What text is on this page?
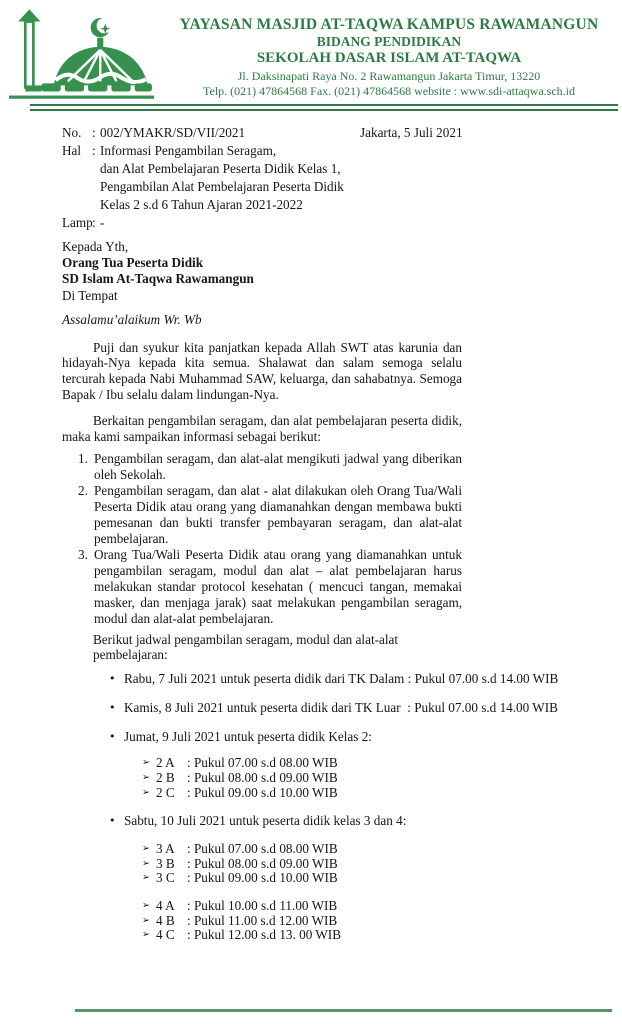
YAYASAN MASJID AT-TAQWA KAMPUS RAWAMANGUN
BIDANG PENDIDIKAN
SEKOLAH DASAR ISLAM AT-TAQWA
Jl. Daksinapati Raya No. 2 Rawamangun Jakarta Timur, 13220
Telp. (021) 47864568 Fax. (021) 47864568 website : www.sdi-attaqwa.sch.id
No. : 002/YMAKR/SD/VII/2021	Jakarta, 5 Juli 2021
Hal : Informasi Pengambilan Seragam,
dan Alat Pembelajaran Peserta Didik Kelas 1,
Pengambilan Alat Pembelajaran Peserta Didik
Kelas 2 s.d 6 Tahun Ajaran 2021-2022
Lamp : -
Kepada Yth,
Orang Tua Peserta Didik
SD Islam At-Taqwa Rawamangun
Di Tempat
Assalamu’alaikum Wr. Wb
Puji dan syukur kita panjatkan kepada Allah SWT atas karunia dan hidayah-Nya kepada kita semua. Shalawat dan salam semoga selalu tercurah kepada Nabi Muhammad SAW, keluarga, dan sahabatnya. Semoga Bapak / Ibu selalu dalam lindungan-Nya.
Berkaitan pengambilan seragam, dan alat pembelajaran peserta didik, maka kami sampaikan informasi sebagai berikut:
1. Pengambilan seragam, dan alat-alat mengikuti jadwal yang diberikan oleh Sekolah.
2. Pengambilan seragam, dan alat - alat dilakukan oleh Orang Tua/Wali Peserta Didik atau orang yang diamanahkan dengan membawa bukti pemesanan dan bukti transfer pembayaran seragam, dan alat-alat pembelajaran.
3. Orang Tua/Wali Peserta Didik atau orang yang diamanahkan untuk pengambilan seragam, modul dan alat – alat pembelajaran harus melakukan standar protocol kesehatan ( mencuci tangan, memakai masker, dan menjaga jarak) saat melakukan pengambilan seragam, modul dan alat-alat pembelajaran.
Berikut jadwal pengambilan seragam, modul dan alat-alat pembelajaran:
• Rabu, 7 Juli 2021 untuk peserta didik dari TK Dalam : Pukul 07.00 s.d 14.00 WIB
• Kamis, 8 Juli 2021 untuk peserta didik dari TK Luar  : Pukul 07.00 s.d 14.00 WIB
• Jumat, 9 Juli 2021 untuk peserta didik Kelas 2:
➢ 2 A : Pukul 07.00 s.d 08.00 WIB
➢ 2 B : Pukul 08.00 s.d 09.00 WIB
➢ 2 C : Pukul 09.00 s.d 10.00 WIB
• Sabtu, 10 Juli 2021 untuk peserta didik kelas 3 dan 4:
➢ 3 A : Pukul 07.00 s.d 08.00 WIB
➢ 3 B : Pukul 08.00 s.d 09.00 WIB
➢ 3 C : Pukul 09.00 s.d 10.00 WIB
➢ 4 A : Pukul 10.00 s.d 11.00 WIB
➢ 4 B : Pukul 11.00 s.d 12.00 WIB
➢ 4 C : Pukul 12.00 s.d 13. 00 WIB
